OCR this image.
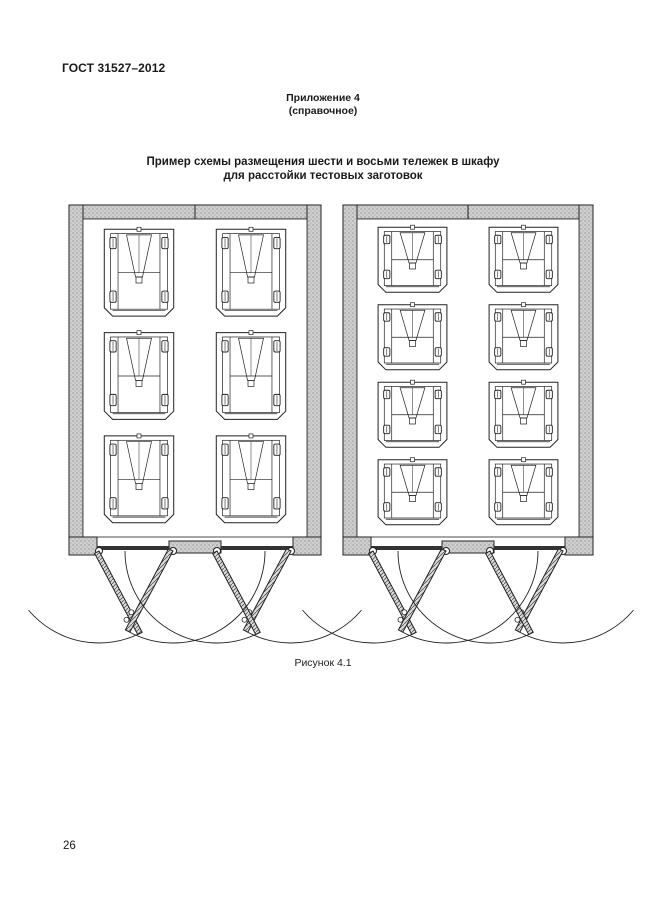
ГОСТ 31527–2012
Приложение 4
(справочное)
Пример схемы размещения шести и восьми тележек в шкафу
для расстойки тестовых заготовок
Рисунок 4.1
26
